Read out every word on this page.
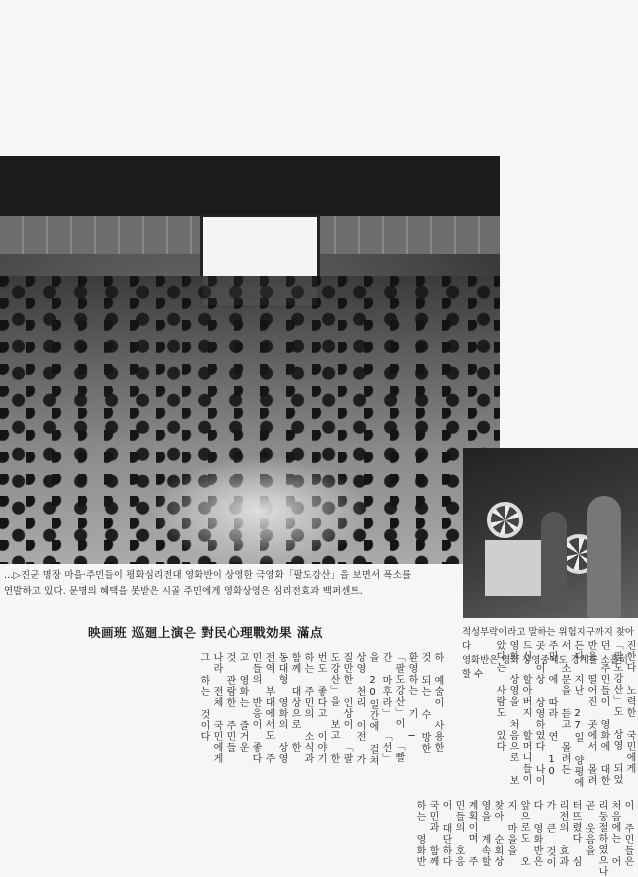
...▷진군 명장 마을·주민들이 평화심리전대 영화반이 상영한 극영화「팔도강산」을 보면서 폭소를
연발하고 있다. 문명의 혜택을 못받은 시골 주민에게 영화상영은 심리전효과 백퍼센트.
적성부락이라고 말하는 위험지구까지 찾아 다
영화반은 영화 상영중에도 경계를 소홀히 할 수
映画班 巡廻上演은 對民心理戰効果 滿点
하 예술이 사용한 것 되는 수 방한 환영하는 기 ─ 「팔도강산」이 「빨간 마후라」 「선」을 20일간에 걸쳐 상영 천리 이전 가질만한 인상이 「팔도강산」을 보고 한번도 좋다고 이야기하는 주민의 소식과 함께 대상으로 한 동대형 영화의 상영 전역 부대에서도 주민들의 반응이 좋다고 영화는 즐거운 것 관람한 주민들 나라 전체 국민에게 그 하는 것이다	진한다 노력한 국민에게 「팔도강산」도 상영 되었던 주민들이 영화에 대한 반응 떨어진 곳에서 몰려든다 지난 27일 양평에서 소문을 듣고 몰려든 주민 에 따라 연 10 곳 이상 상영하였다 나이 드신 할아버지 할머니들이 영화 상영을 처음으로 보았다는 사람도 있다
이 주민들은 처음에는 어리둥절하였으나 곧 웃음을 터뜨렸다 심리전의 효과가 큰 것이다 영화반은 앞으로도 오지 마을을 찾아 순회상영을 계속할 계획이며 주민들의 호응이 대단하다 국민과 함께하는 영화반
